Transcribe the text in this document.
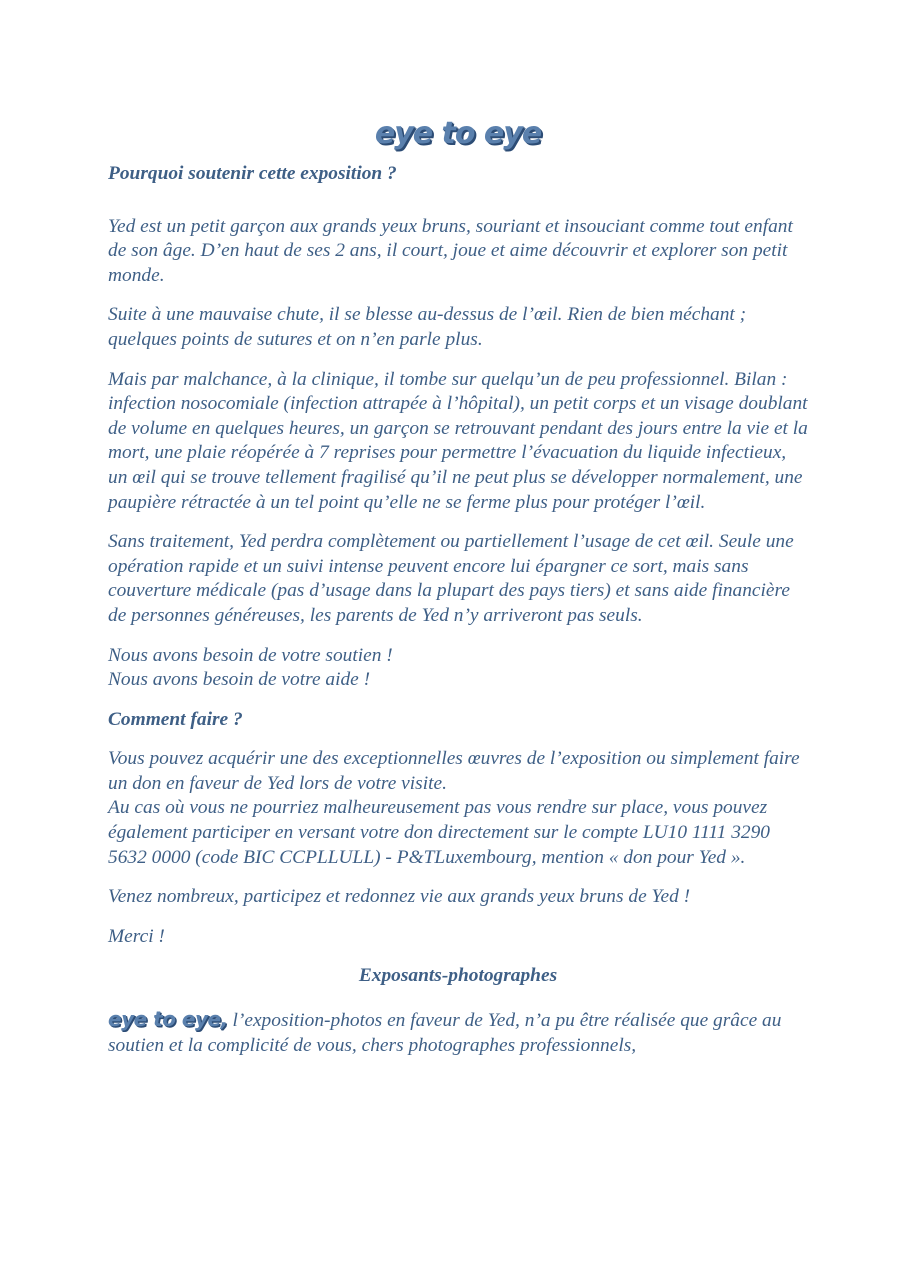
eye to eye
Pourquoi soutenir cette exposition ?

Yed est un petit garçon aux grands yeux bruns, souriant et insouciant comme tout enfant de son âge. D’en haut de ses 2 ans, il court, joue et aime découvrir et explorer son petit monde.

Suite à une mauvaise chute, il se blesse au-dessus de l’œil. Rien de bien méchant ; quelques points de sutures et on n’en parle plus.

Mais par malchance, à la clinique, il tombe sur quelqu’un de peu professionnel. Bilan : infection nosocomiale (infection attrapée à l’hôpital), un petit corps et un visage doublant de volume en quelques heures, un garçon se retrouvant pendant des jours entre la vie et la mort, une plaie réopérée à 7 reprises pour permettre l’évacuation du liquide infectieux, un œil qui se trouve tellement fragilisé qu’il ne peut plus se développer normalement, une paupière rétractée à un tel point qu’elle ne se ferme plus pour protéger l’œil.

Sans traitement, Yed perdra complètement ou partiellement l’usage de cet œil. Seule une opération rapide et un suivi intense peuvent encore lui épargner ce sort, mais sans couverture médicale (pas d’usage dans la plupart des pays tiers) et sans aide financière de personnes généreuses, les parents de Yed n’y arriveront pas seuls.

Nous avons besoin de votre soutien !
Nous avons besoin de votre aide !

Comment faire ?

Vous pouvez acquérir une des exceptionnelles œuvres de l’exposition ou simplement faire un don en faveur de Yed lors de votre visite.
Au cas où vous ne pourriez malheureusement pas vous rendre sur place, vous pouvez également participer en versant votre don directement sur le compte LU10 1111 3290 5632 0000 (code BIC CCPLLULL) - P&TLuxembourg, mention « don pour Yed ».

Venez nombreux, participez et redonnez vie aux grands yeux bruns de Yed !

Merci !

Exposants-photographes

eye to eye, l’exposition-photos en faveur de Yed, n’a pu être réalisée que grâce au soutien et la complicité de vous, chers photographes professionnels,
